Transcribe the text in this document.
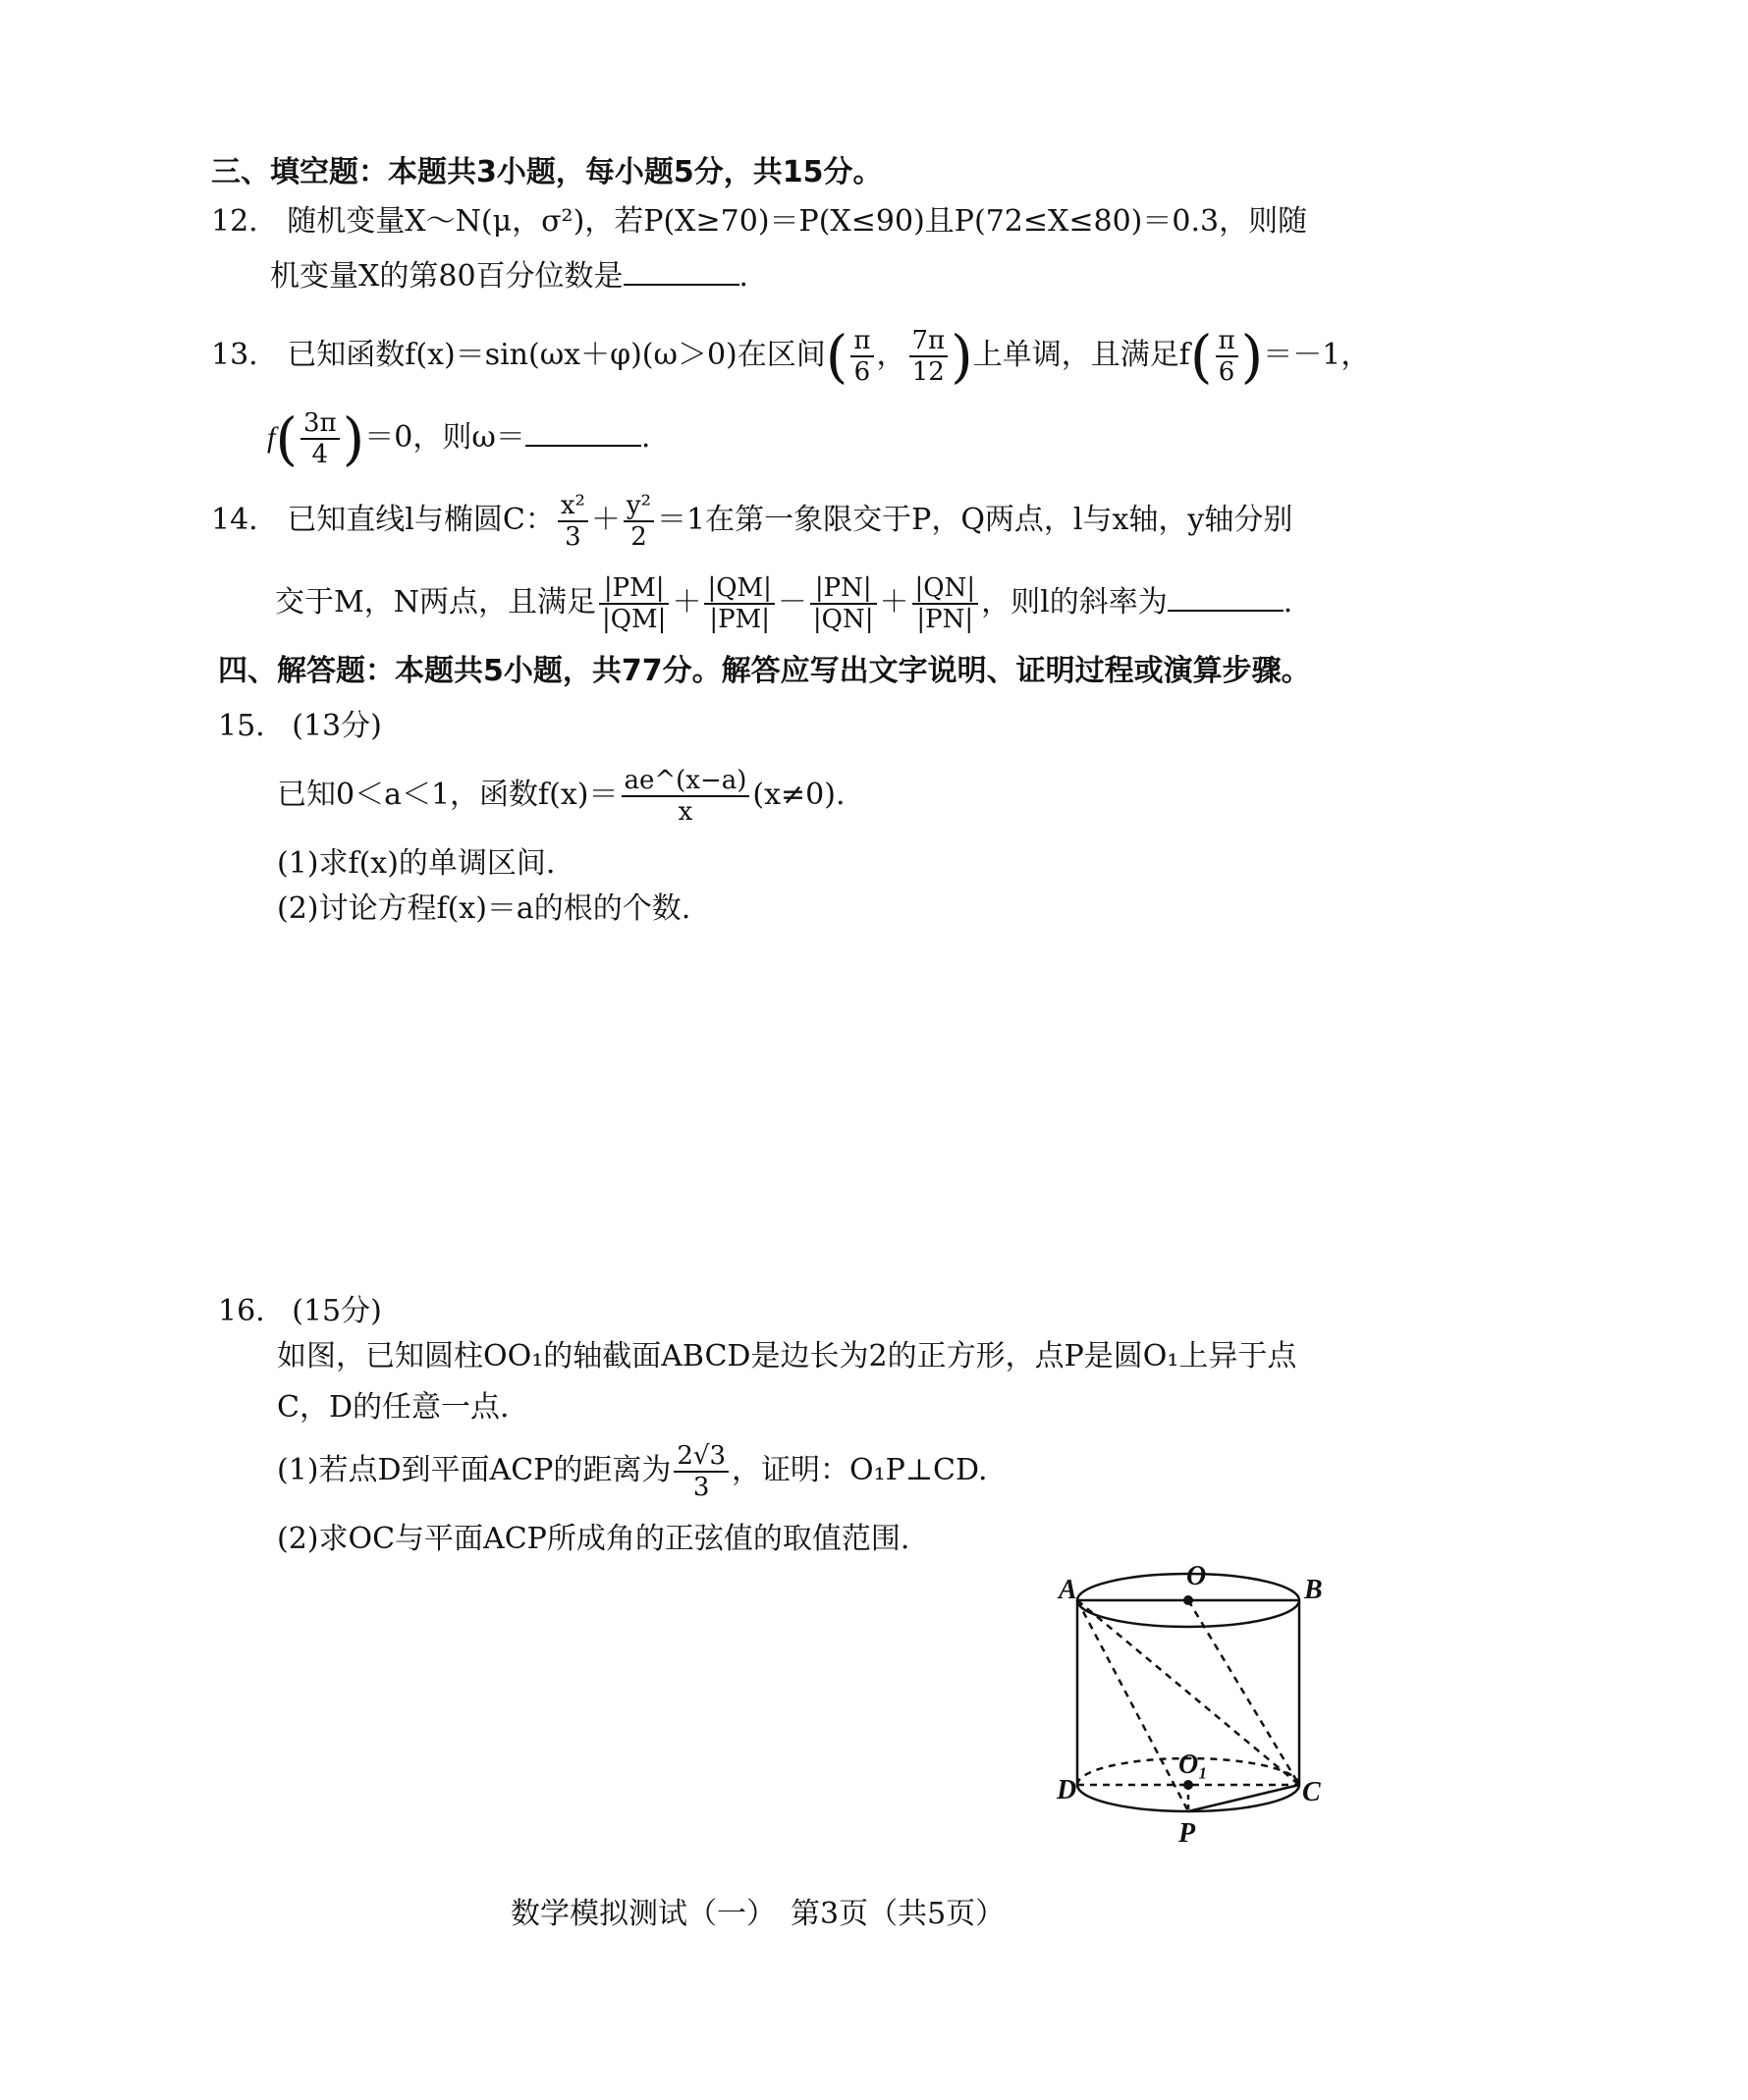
三、填空题：本题共3小题，每小题5分，共15分。
12. 随机变量X～N(μ，σ²)，若P(X≥70)＝P(X≤90)且P(72≤X≤80)＝0.3，则随
机变量X的第80百分位数是	.
13. 已知函数f(x)＝sin(ωx＋φ)(ω＞0)在区间( $\frac{\pi}{6}$ ， $\frac{7\pi}{12}$ )上单调，且满足$f( \frac{\pi}{6} )=-1$，
$f( \frac{3\pi}{4} )=0$，则ω＝	.
14. 已知直线l与椭圆C： $\frac{\text{x²}}{3} + \frac{\text{y²}}{2} =1$在第一象限交于P，Q两点，l与x轴，y轴分别
交于M，N两点，且满足 $\frac{|PM|}{|QM|} + \frac{|QM|}{|PM|} - \frac{|PN|}{|QN|} + \frac{|QN|}{|PN|}$ ，则l的斜率为	.
四、解答题：本题共5小题，共77分。解答应写出文字说明、证明过程或演算步骤。
15. (13分)
已知0＜a＜1，函数$f(x)= \frac{ae\^{}(x-a)}{x} (x\ne 0)$.
(1)求f(x)的单调区间.
(2)讨论方程f(x)＝a的根的个数.
16. (15分)
如图，已知圆柱OO₁的轴截面ABCD是边长为2的正方形，点P是圆O₁上异于点
C，D的任意一点.
(1)若点D到平面ACP的距离为 $\frac{2√3}{3}$ ，证明：O₁P⊥CD.
(2)求OC与平面ACP所成角的正弦值的取值范围.
A	O	B
D
O₁
C
P
数学模拟测试（一）　第3页（共5页）
